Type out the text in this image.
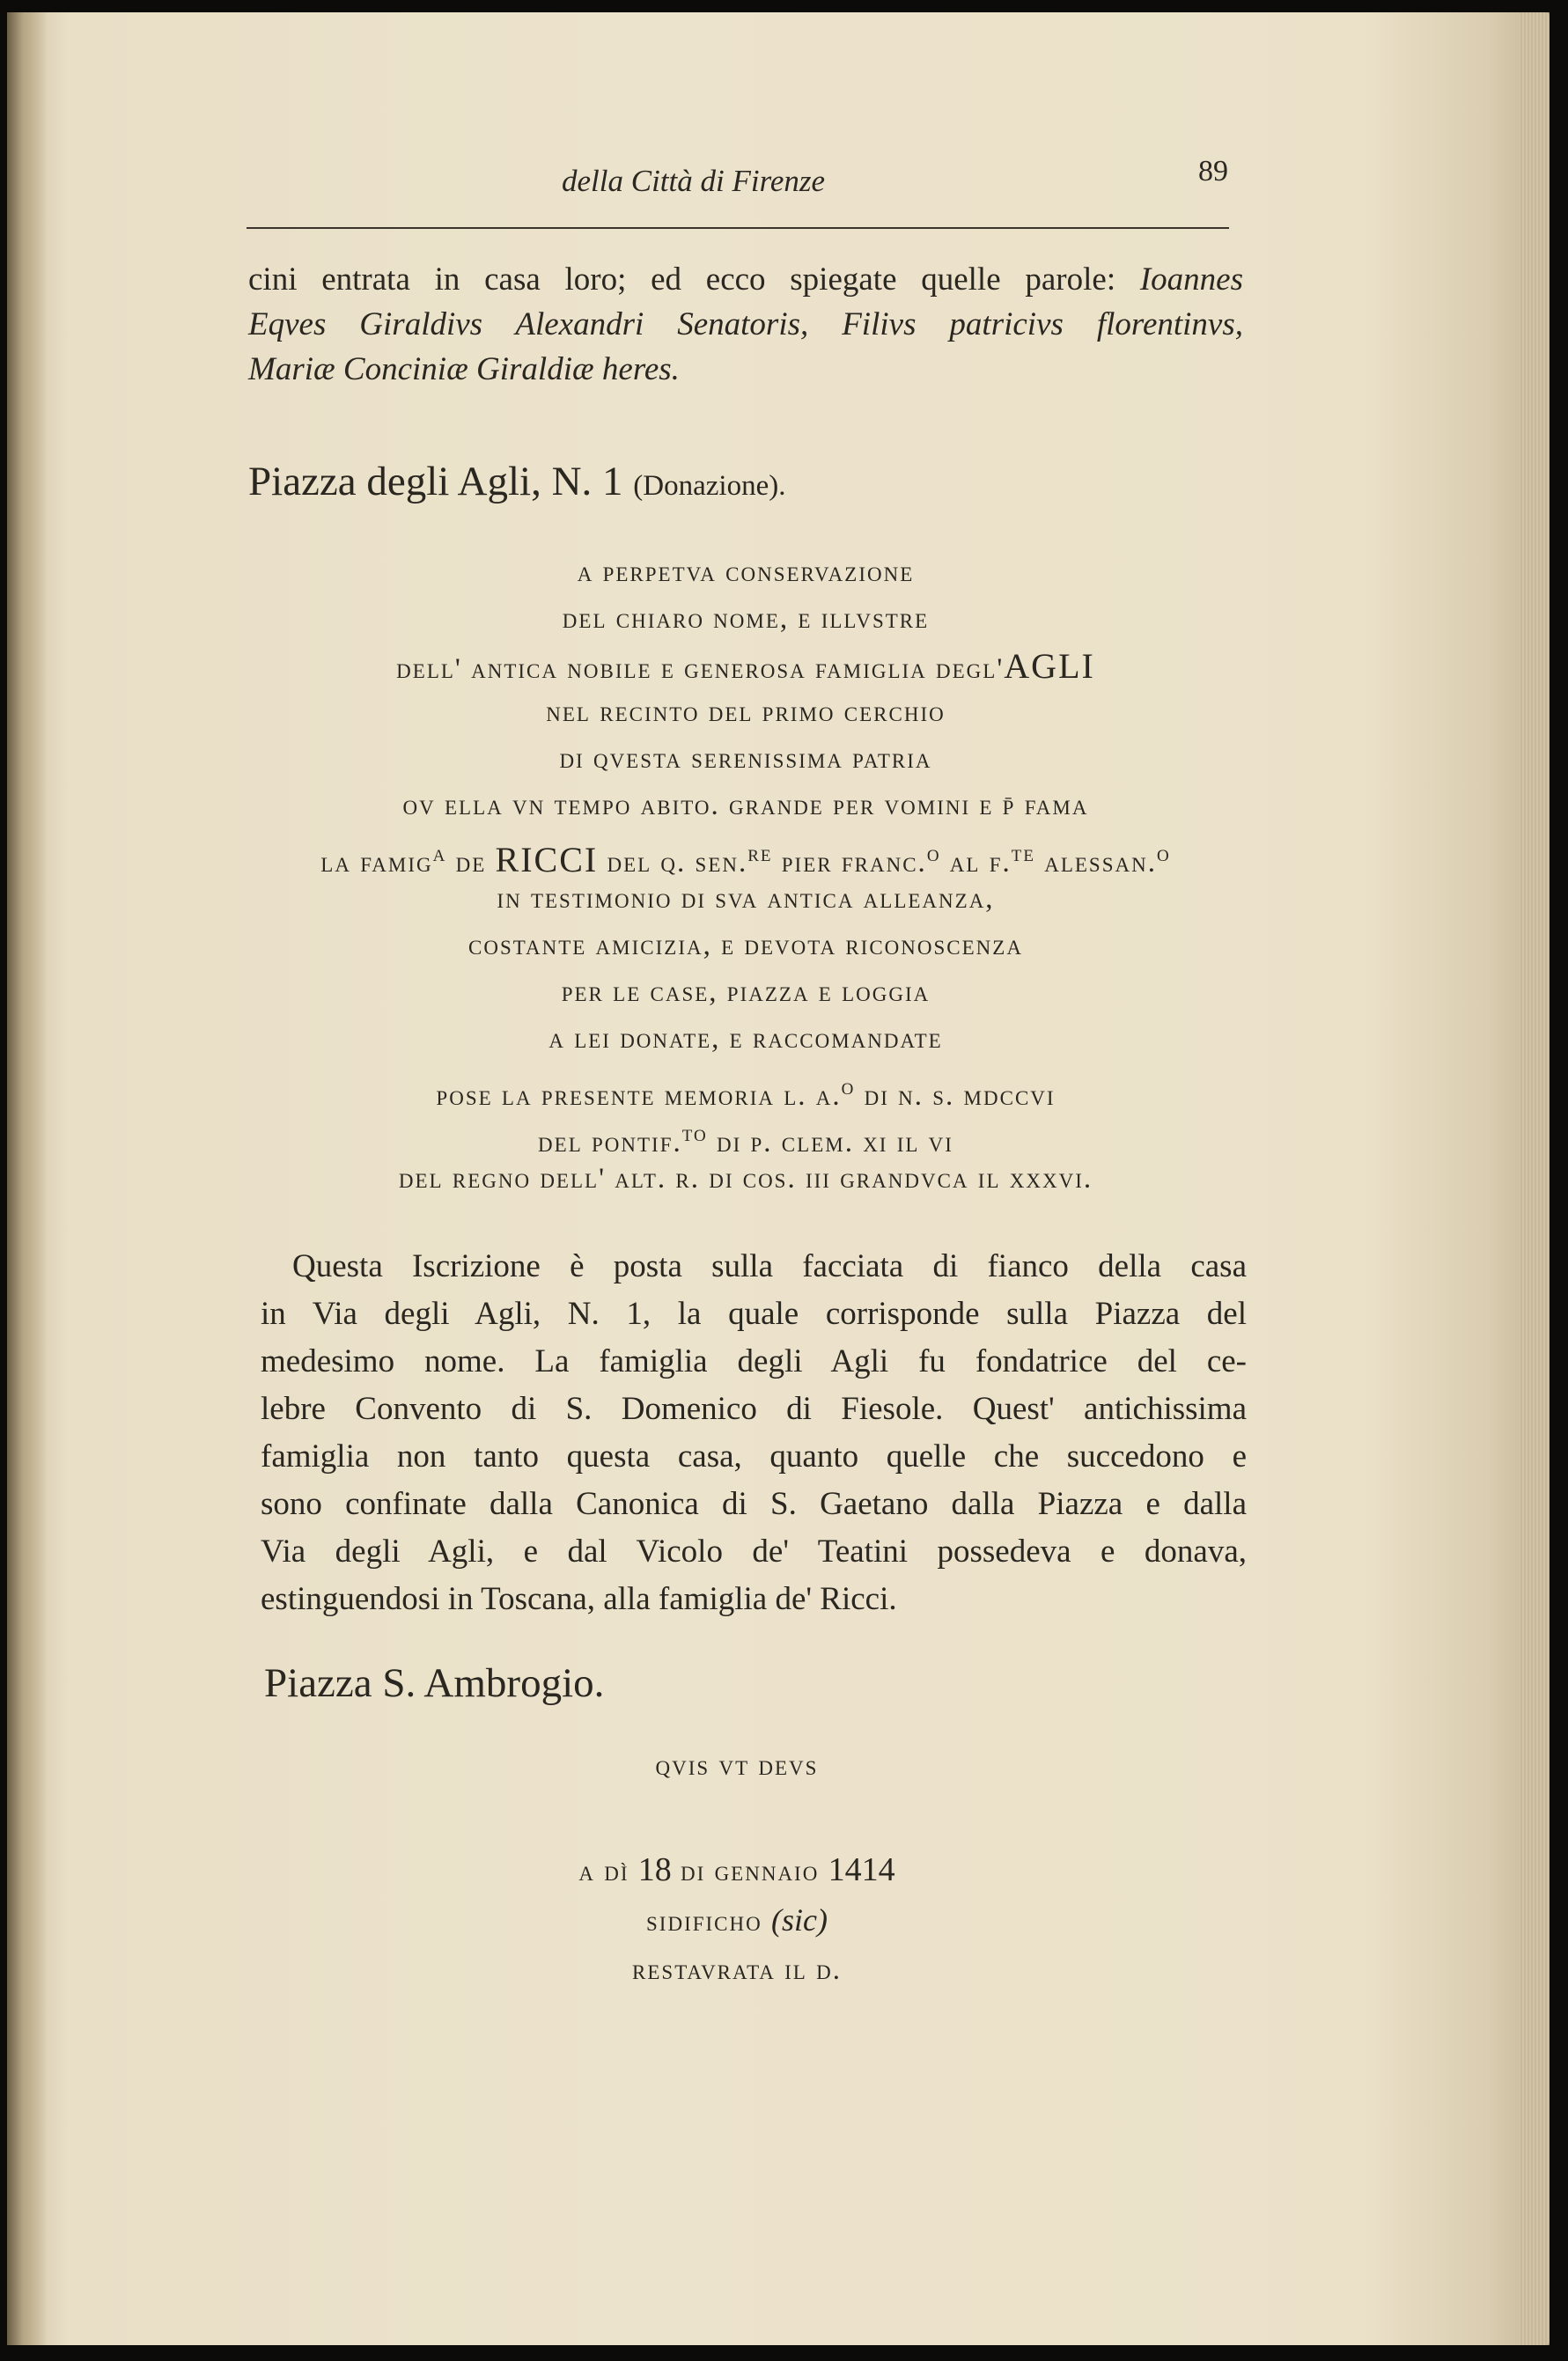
della Città di Firenze	89
cini entrata in casa loro; ed ecco spiegate quelle parole: Ioannes
Eqves Giraldivs Alexandri Senatoris, Filivs patricivs florentinvs,
Mariæ Conciniæ Giraldiæ heres.
Piazza degli Agli, N. 1 (Donazione).
a perpetva conservazione
del chiaro nome, e illvstre
dell' antica nobile e generosa famiglia degl'AGLI
nel recinto del primo cerchio
di qvesta serenissima patria
ov ella vn tempo abito. grande per vomini e p̄ fama
la famig$^a$ de RICCI del q. sen.$^{re}$ pier franc.$^o$ al f.$^{te}$ alessan.$^o$
in testimonio di sva antica alleanza,
costante amicizia, e devota riconoscenza
per le case, piazza e loggia
a lei donate, e raccomandate
pose la presente memoria l. a.$^o$ di n. s. mdccvi
del pontif.$^{to}$ di p. clem. xi il vi
del regno dell' alt. r. di cos. iii grandvca il xxxvi.
Questa Iscrizione è posta sulla facciata di fianco della casa
in Via degli Agli, N. 1, la quale corrisponde sulla Piazza del
medesimo nome. La famiglia degli Agli fu fondatrice del ce-
lebre Convento di S. Domenico di Fiesole. Quest' antichissima
famiglia non tanto questa casa, quanto quelle che succedono e
sono confinate dalla Canonica di S. Gaetano dalla Piazza e dalla
Via degli Agli, e dal Vicolo de' Teatini possedeva e donava,
estinguendosi in Toscana, alla famiglia de' Ricci.
Piazza S. Ambrogio.
qvis vt devs
a dì 18 di gennaio 1414
sidificho (sic)
restavrata il d.
